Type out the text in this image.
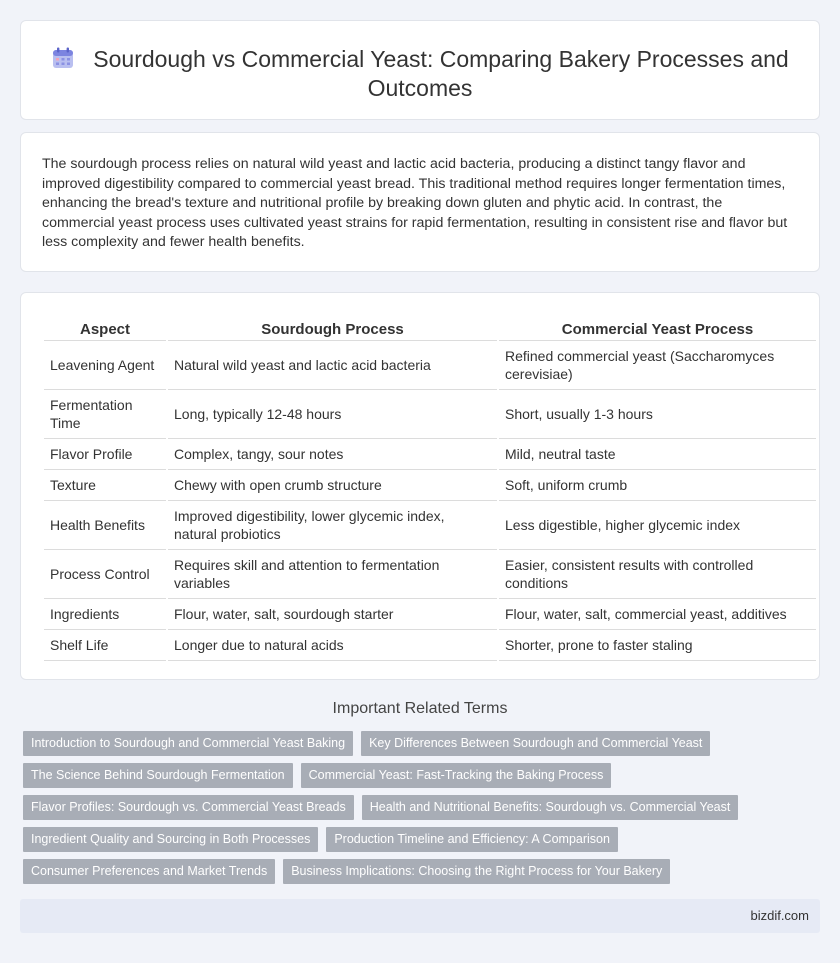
Sourdough vs Commercial Yeast: Comparing Bakery Processes and Outcomes

The sourdough process relies on natural wild yeast and lactic acid bacteria, producing a distinct tangy flavor and improved digestibility compared to commercial yeast bread. This traditional method requires longer fermentation times, enhancing the bread's texture and nutritional profile by breaking down gluten and phytic acid. In contrast, the commercial yeast process uses cultivated yeast strains for rapid fermentation, resulting in consistent rise and flavor but less complexity and fewer health benefits.

Aspect	Sourdough Process	Commercial Yeast Process
Leavening Agent	Natural wild yeast and lactic acid bacteria	Refined commercial yeast (Saccharomyces cerevisiae)
Fermentation Time	Long, typically 12-48 hours	Short, usually 1-3 hours
Flavor Profile	Complex, tangy, sour notes	Mild, neutral taste
Texture	Chewy with open crumb structure	Soft, uniform crumb
Health Benefits	Improved digestibility, lower glycemic index, natural probiotics	Less digestible, higher glycemic index
Process Control	Requires skill and attention to fermentation variables	Easier, consistent results with controlled conditions
Ingredients	Flour, water, salt, sourdough starter	Flour, water, salt, commercial yeast, additives
Shelf Life	Longer due to natural acids	Shorter, prone to faster staling
Important Related Terms
Introduction to Sourdough and Commercial Yeast Baking	Key Differences Between Sourdough and Commercial Yeast
The Science Behind Sourdough Fermentation	Commercial Yeast: Fast-Tracking the Baking Process
Flavor Profiles: Sourdough vs. Commercial Yeast Breads	Health and Nutritional Benefits: Sourdough vs. Commercial Yeast
Ingredient Quality and Sourcing in Both Processes	Production Timeline and Efficiency: A Comparison
Consumer Preferences and Market Trends	Business Implications: Choosing the Right Process for Your Bakery
bizdif.com
